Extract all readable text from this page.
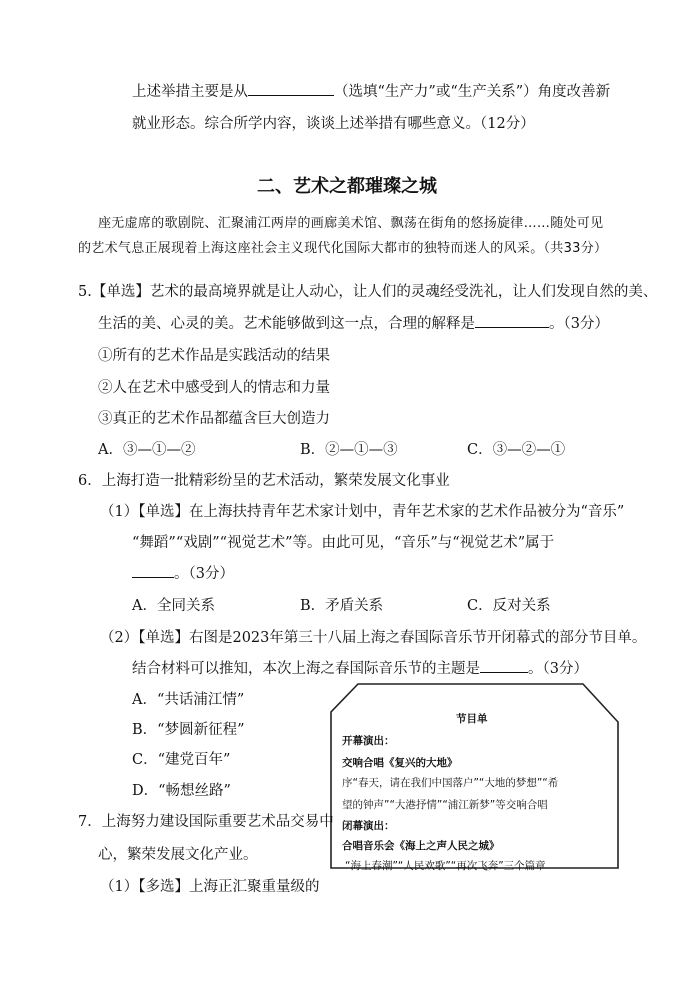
上述举措主要是从	（选填“生产力”或“生产关系”）角度改善新
就业形态。综合所学内容，谈谈上述举措有哪些意义。（12分）
二、艺术之都璀璨之城
座无虚席的歌剧院、汇聚浦江两岸的画廊美术馆、飘荡在街角的悠扬旋律……随处可见
的艺术气息正展现着上海这座社会主义现代化国际大都市的独特而迷人的风采。（共33分）
5.【单选】艺术的最高境界就是让人动心，让人们的灵魂经受洗礼，让人们发现自然的美、
生活的美、心灵的美。艺术能够做到这一点，合理的解释是	。（3分）
①所有的艺术作品是实践活动的结果
②人在艺术中感受到人的情志和力量
③真正的艺术作品都蕴含巨大创造力
A．③—①—②	B．②—①—③	C．③—②—①
6．上海打造一批精彩纷呈的艺术活动，繁荣发展文化事业
（1）【单选】在上海扶持青年艺术家计划中，青年艺术家的艺术作品被分为“音乐”
“舞蹈”“戏剧”“视觉艺术”等。由此可见，“音乐”与“视觉艺术”属于
。（3分）
A．全同关系	B．矛盾关系	C．反对关系
（2）【单选】右图是2023年第三十八届上海之春国际音乐节开闭幕式的部分节目单。
结合材料可以推知，本次上海之春国际音乐节的主题是	。（3分）
A．“共话浦江情”
B．“梦圆新征程”
C．“建党百年”
D．“畅想丝路”
节目单
开幕演出：
交响合唱《复兴的大地》
序“春天，请在我们中国落户”“大地的梦想”“希
望的钟声”“大港抒情”“浦江新梦”等交响合唱
闭幕演出：
合唱音乐会《海上之声人民之城》
“海上春潮”“人民欢歌”“再次飞奔”三个篇章
7．上海努力建设国际重要艺术品交易中
心，繁荣发展文化产业。
（1）【多选】上海正汇聚重量级的
